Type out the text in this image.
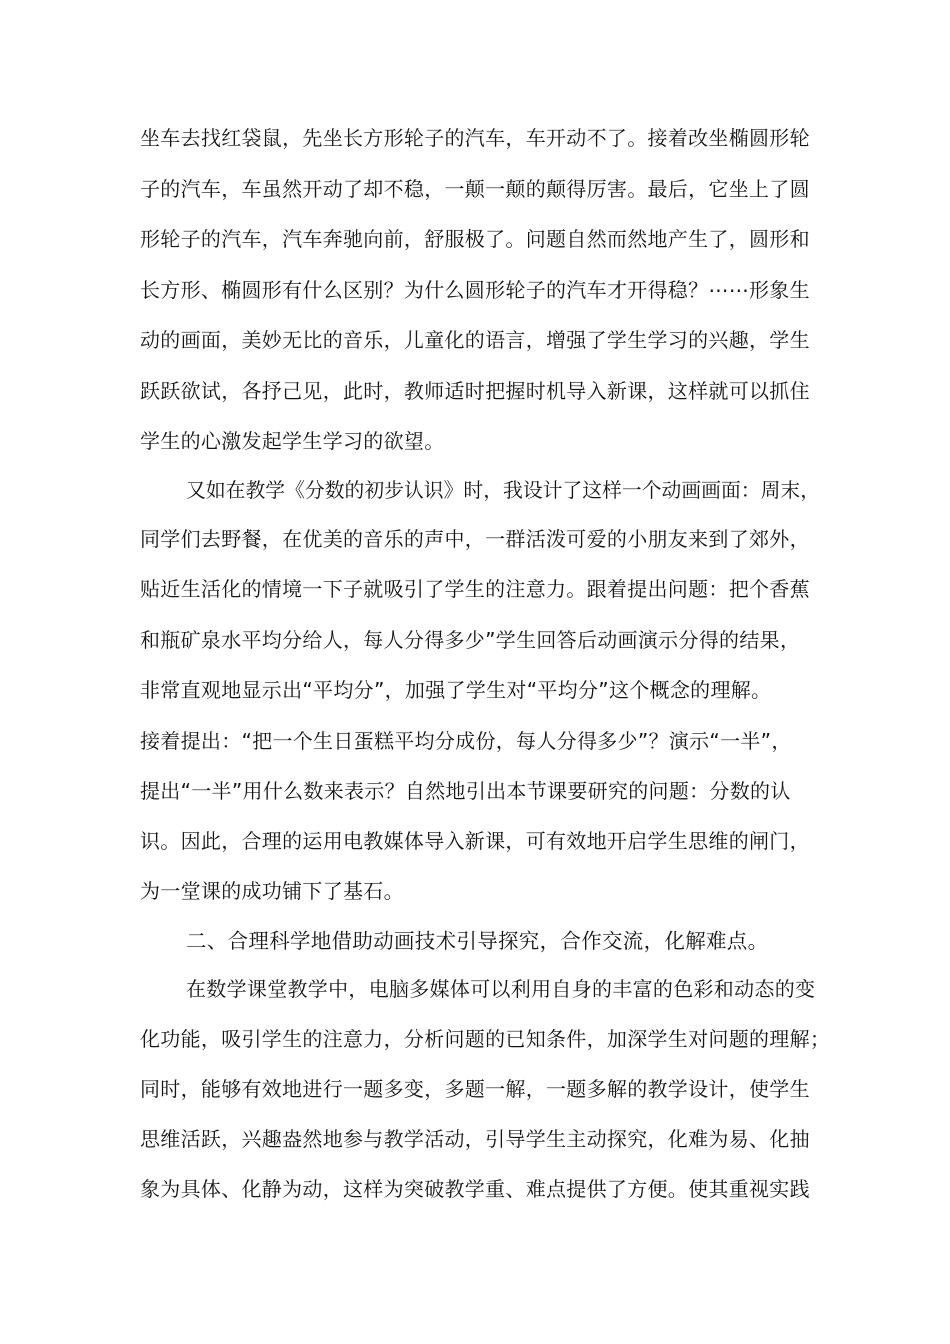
坐车去找红袋鼠，先坐长方形轮子的汽车，车开动不了。接着改坐椭圆形轮
子的汽车，车虽然开动了却不稳，一颠一颠的颠得厉害。最后，它坐上了圆
形轮子的汽车，汽车奔驰向前，舒服极了。问题自然而然地产生了，圆形和
长方形、椭圆形有什么区别？为什么圆形轮子的汽车才开得稳？⋯⋯形象生
动的画面，美妙无比的音乐，儿童化的语言，增强了学生学习的兴趣，学生
跃跃欲试，各抒己见，此时，教师适时把握时机导入新课，这样就可以抓住
学生的心激发起学生学习的欲望。
又如在教学《分数的初步认识》时，我设计了这样一个动画画面：周末，
同学们去野餐，在优美的音乐的声中，一群活泼可爱的小朋友来到了郊外，
贴近生活化的情境一下子就吸引了学生的注意力。跟着提出问题：把个香蕉
和瓶矿泉水平均分给人，每人分得多少”学生回答后动画演示分得的结果，
非常直观地显示出“平均分”，加强了学生对“平均分”这个概念的理解。
接着提出：“把一个生日蛋糕平均分成份，每人分得多少”？演示“一半”，
提出“一半”用什么数来表示？自然地引出本节课要研究的问题：分数的认
识。因此，合理的运用电教媒体导入新课，可有效地开启学生思维的闸门，
为一堂课的成功铺下了基石。
二、合理科学地借助动画技术引导探究，合作交流，化解难点。
在数学课堂教学中，电脑多媒体可以利用自身的丰富的色彩和动态的变
化功能，吸引学生的注意力，分析问题的已知条件，加深学生对问题的理解；
同时，能够有效地进行一题多变，多题一解，一题多解的教学设计，使学生
思维活跃，兴趣盎然地参与教学活动，引导学生主动探究，化难为易、化抽
象为具体、化静为动，这样为突破教学重、难点提供了方便。使其重视实践
